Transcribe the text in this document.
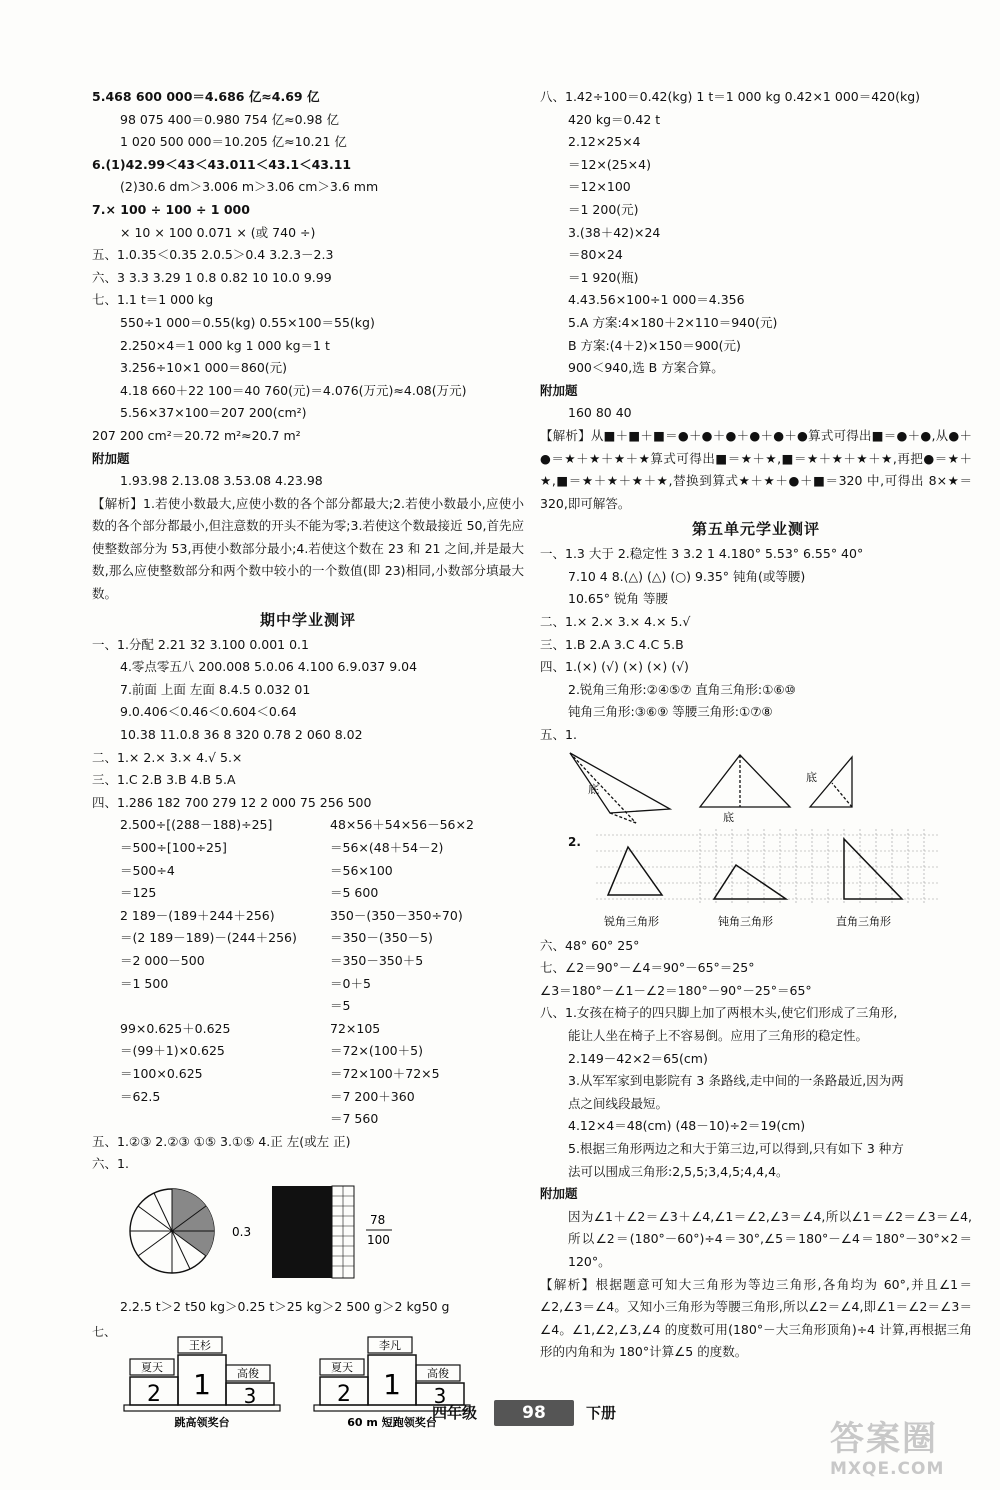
5.468 600 000＝4.686 亿≈4.69 亿
98 075 400＝0.980 754 亿≈0.98 亿
1 020 500 000＝10.205 亿≈10.21 亿
6.(1)42.99＜43＜43.011＜43.1＜43.11
(2)30.6 dm＞3.006 m＞3.06 cm＞3.6 mm
7.× 100 ÷ 100 ÷ 1 000
× 10 × 100 0.071 × (或 740 ÷)
五、1.0.35＜0.35 2.0.5＞0.4 3.2.3－2.3
六、3 3.3 3.29 1 0.8 0.82 10 10.0 9.99
七、1.1 t＝1 000 kg
550÷1 000＝0.55(kg) 0.55×100＝55(kg)
2.250×4＝1 000 kg 1 000 kg＝1 t
3.256÷10×1 000＝860(元)
4.18 660＋22 100＝40 760(元)＝4.076(万元)≈4.08(万元)
5.56×37×100＝207 200(cm²)
207 200 cm²＝20.72 m²≈20.7 m²
附加题
1.93.98 2.13.08 3.53.08 4.23.98
【解析】1.若使小数最大,应使小数的各个部分都最大;2.若使小数最小,应使小数的各个部分都最小,但注意数的开头不能为零;3.若使这个数最接近 50,首先应使整数部分为 53,再使小数部分最小;4.若使这个数在 23 和 21 之间,并是最大数,那么应使整数部分和两个数中较小的一个数值(即 23)相同,小数部分填最大数。
期中学业测评
一、1.分配 2.21 32 3.100 0.001 0.1
4.零点零五八 200.008 5.0.06 4.100 6.9.037 9.04
7.前面 上面 左面 8.4.5 0.032 01
9.0.406＜0.46＜0.604＜0.64
10.38 11.0.8 36 8 320 0.78 2 060 8.02
二、1.× 2.× 3.× 4.√ 5.×
三、1.C 2.B 3.B 4.B 5.A
四、1.286 182 700 279 12 2 000 75 256 500
2.500÷[(288－188)÷25]
＝500÷[100÷25]
＝500÷4
＝125
2 189－(189＋244＋256)
＝(2 189－189)－(244＋256)
＝2 000－500
＝1 500
99×0.625＋0.625
＝(99＋1)×0.625
＝100×0.625
＝62.5
48×56＋54×56－56×2
＝56×(48＋54－2)
＝56×100
＝5 600
350－(350－350÷70)
＝350－(350－5)
＝350－350＋5
＝0＋5
＝5
72×105
＝72×(100＋5)
＝72×100＋72×5
＝7 200＋360
＝7 560
五、1.②③ 2.②③ ①⑤ 3.①⑤ 4.正 左(或左 正)
六、1.
0.3
78
100
2.2.5 t＞2 t50 kg＞0.25 t＞25 kg＞2 500 g＞2 kg50 g
七、
王杉
夏天	高俊
1
2	3
跳高领奖台
李凡
夏天	高俊
1
2	3
60 m 短跑领奖台
八、1.42÷100＝0.42(kg) 1 t＝1 000 kg 0.42×1 000＝420(kg)
420 kg＝0.42 t
2.12×25×4
＝12×(25×4)
＝12×100
＝1 200(元)
3.(38＋42)×24
＝80×24
＝1 920(瓶)
4.43.56×100÷1 000＝4.356
5.A 方案:4×180＋2×110＝940(元)
B 方案:(4＋2)×150＝900(元)
900＜940,选 B 方案合算。
附加题
160 80 40
【解析】从■＋■＋■＝●＋●＋●＋●＋●＋●算式可得出■＝●＋●,从●＋●＝★＋★＋★＋★算式可得出■＝★＋★,■＝★＋★＋★＋★,再把●＝★＋★,■＝★＋★＋★＋★,替换到算式★＋★＋●＋■＝320 中,可得出 8×★＝320,即可解答。
第五单元学业测评
一、1.3 大于 2.稳定性 3 3.2 1 4.180° 5.53° 6.55° 40°
7.10 4 8.(△) (△) (○) 9.35° 钝角(或等腰)
10.65° 锐角 等腰
二、1.× 2.× 3.× 4.× 5.√
三、1.B 2.A 3.C 4.C 5.B
四、1.(×) (√) (×) (×) (√)
2.锐角三角形:②④⑤⑦ 直角三角形:①⑥⑩
钝角三角形:③⑥⑨ 等腰三角形:①⑦⑧
五、1.
底
底
底
2.
锐角三角形	钝角三角形	直角三角形
六、48° 60° 25°
七、∠2＝90°－∠4＝90°－65°＝25°
∠3＝180°－∠1－∠2＝180°－90°－25°＝65°
八、1.女孩在椅子的四只脚上加了两根木头,使它们形成了三角形,
能让人坐在椅子上不容易倒。应用了三角形的稳定性。
2.149－42×2＝65(cm)
3.从军军家到电影院有 3 条路线,走中间的一条路最近,因为两
点之间线段最短。
4.12×4＝48(cm) (48－10)÷2＝19(cm)
5.根据三角形两边之和大于第三边,可以得到,只有如下 3 种方
法可以围成三角形:2,5,5;3,4,5;4,4,4。
附加题
因为∠1＋∠2＝∠3＋∠4,∠1＝∠2,∠3＝∠4,所以∠1＝∠2＝∠3＝∠4,所以∠2＝(180°－60°)÷4＝30°,∠5＝180°－∠4＝180°－30°×2＝120°。
【解析】根据题意可知大三角形为等边三角形,各角均为 60°,并且∠1＝∠2,∠3＝∠4。又知小三角形为等腰三角形,所以∠2＝∠4,即∠1＝∠2＝∠3＝∠4。∠1,∠2,∠3,∠4 的度数可用(180°－大三角形顶角)÷4 计算,再根据三角形的内角和为 180°计算∠5 的度数。
四年级	98	下册
答案圈
MXQE.COM
